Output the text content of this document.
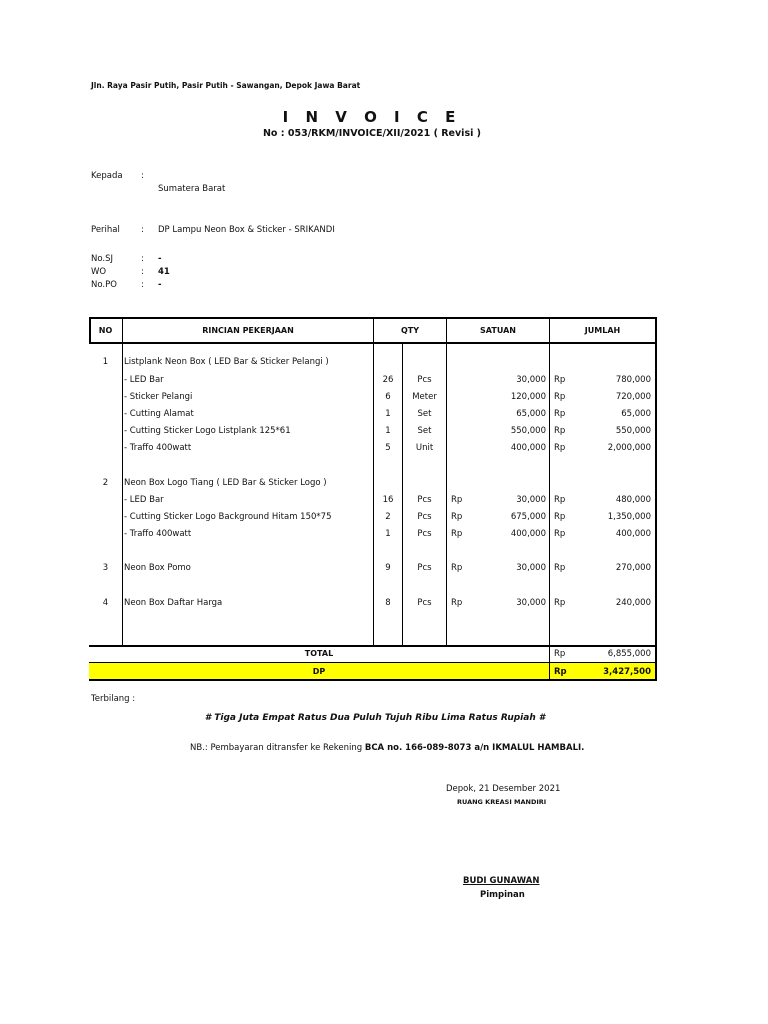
Jln. Raya Pasir Putih, Pasir Putih - Sawangan, Depok Jawa Barat
I N V O I C E
No : 053/RKM/INVOICE/XII/2021 ( Revisi )
Kepada :
Sumatera Barat
Perihal : DP Lampu Neon Box & Sticker - SRIKANDI
No.SJ	: -
WO	: 41
No.PO	: -
NO	RINCIAN PEKERJAAN	QTY	SATUAN	JUMLAH
1	Listplank Neon Box ( LED Bar & Sticker Pelangi )
- LED Bar	26	Pcs	30,000 Rp	780,000
- Sticker Pelangi	6	Meter	120,000 Rp	720,000
- Cutting Alamat	1	Set	65,000 Rp	65,000
- Cutting Sticker Logo Listplank 125*61	1	Set	550,000 Rp	550,000
- Traffo 400watt	5	Unit	400,000 Rp	2,000,000
2	Neon Box Logo Tiang ( LED Bar & Sticker Logo )
- LED Bar	16	Pcs	Rp	30,000 Rp	480,000
- Cutting Sticker Logo Background Hitam 150*75	2	Pcs	Rp	675,000 Rp	1,350,000
- Traffo 400watt	1	Pcs	Rp	400,000 Rp	400,000
3	Neon Box Pomo	9	Pcs	Rp	30,000 Rp	270,000
4	Neon Box Daftar Harga	8	Pcs	Rp	30,000 Rp	240,000
TOTAL	Rp	6,855,000
DP	Rp	3,427,500
Terbilang :
# Tiga Juta Empat Ratus Dua Puluh Tujuh Ribu Lima Ratus Rupiah #
NB.: Pembayaran ditransfer ke Rekening BCA no. 166-089-8073 a/n IKMALUL HAMBALI.
Depok, 21 Desember 2021
RUANG KREASI MANDIRI
BUDI GUNAWAN
Pimpinan
